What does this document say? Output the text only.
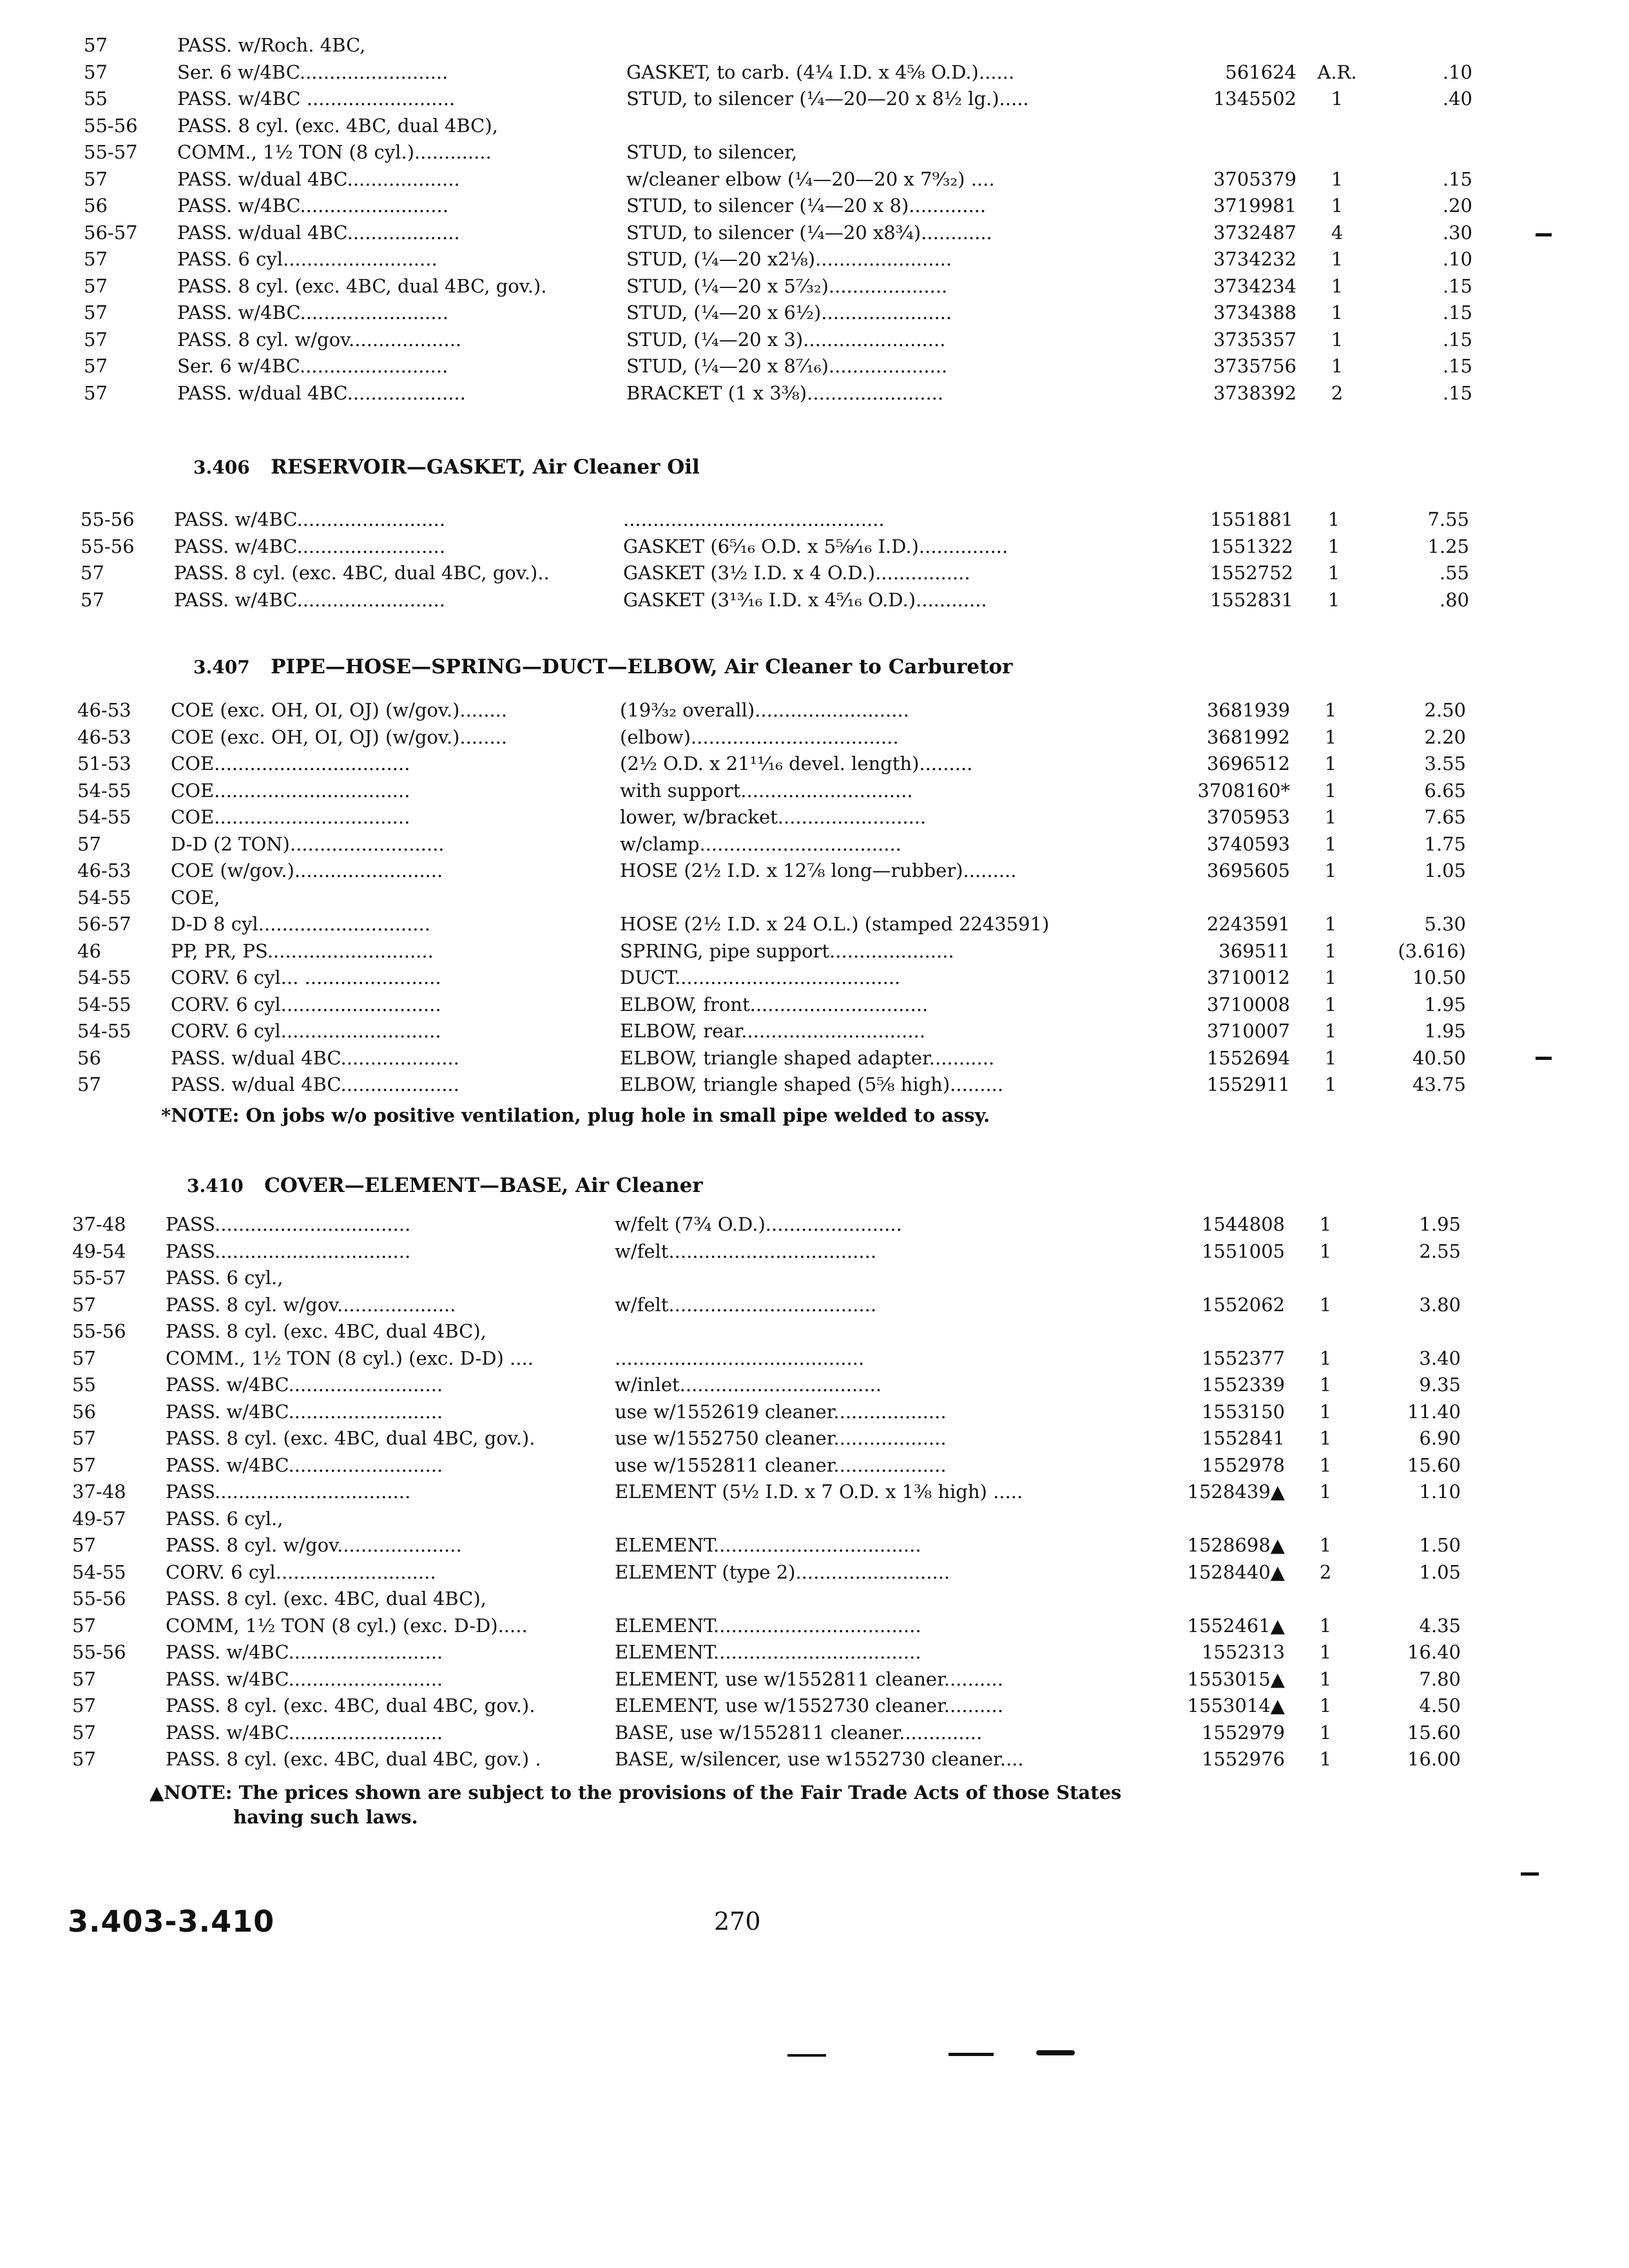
57	PASS. w/Roch. 4BC,
57	Ser. 6 w/4BC.........................	GASKET, to carb. (4¼ I.D. x 4⅝ O.D.)......	561624	A.R.	.10
55	PASS. w/4BC .........................	STUD, to silencer (¼—20—20 x 8½ lg.).....	1345502	1	.40
55-56	PASS. 8 cyl. (exc. 4BC, dual 4BC),
55-57	COMM., 1½ TON (8 cyl.).............	STUD, to silencer,
57	PASS. w/dual 4BC...................	w/cleaner elbow (¼—20—20 x 7⁹⁄₃₂) ....	3705379	1	.15
56	PASS. w/4BC.........................	STUD, to silencer (¼—20 x 8).............	3719981	1	.20
56-57	PASS. w/dual 4BC...................	STUD, to silencer (¼—20 x8¾)............	3732487	4	.30
57	PASS. 6 cyl..........................	STUD, (¼—20 x2⅛).......................	3734232	1	.10
57	PASS. 8 cyl. (exc. 4BC, dual 4BC, gov.).	STUD, (¼—20 x 5⁷⁄₃₂)....................	3734234	1	.15
57	PASS. w/4BC.........................	STUD, (¼—20 x 6½)......................	3734388	1	.15
57	PASS. 8 cyl. w/gov...................	STUD, (¼—20 x 3)........................	3735357	1	.15
57	Ser. 6 w/4BC.........................	STUD, (¼—20 x 8⁷⁄₁₆)....................	3735756	1	.15
57	PASS. w/dual 4BC....................	BRACKET (1 x 3⅜).......................	3738392	2	.15
55-56	PASS. w/4BC.........................	............................................	1551881	1	7.55
55-56	PASS. w/4BC.........................	GASKET (6⁵⁄₁₆ O.D. x 5⅝⁄₁₆ I.D.)...............	1551322	1	1.25
57	PASS. 8 cyl. (exc. 4BC, dual 4BC, gov.)..	GASKET (3½ I.D. x 4 O.D.)................	1552752	1	.55
57	PASS. w/4BC.........................	GASKET (3¹³⁄₁₆ I.D. x 4⁵⁄₁₆ O.D.)............	1552831	1	.80
46-53	COE (exc. OH, OI, OJ) (w/gov.)........	(19³⁄₃₂ overall)..........................	3681939	1	2.50
46-53	COE (exc. OH, OI, OJ) (w/gov.)........	(elbow)...................................	3681992	1	2.20
51-53	COE.................................	(2½ O.D. x 21¹¹⁄₁₆ devel. length).........	3696512	1	3.55
54-55	COE.................................	with support.............................	3708160*	1	6.65
54-55	COE.................................	lower, w/bracket.........................	3705953	1	7.65
57	D-D (2 TON)..........................	w/clamp..................................	3740593	1	1.75
46-53	COE (w/gov.).........................	HOSE (2½ I.D. x 12⅞ long—rubber).........	3695605	1	1.05
54-55	COE,
56-57	D-D 8 cyl.............................	HOSE (2½ I.D. x 24 O.L.) (stamped 2243591)	2243591	1	5.30
46	PP, PR, PS............................	SPRING, pipe support.....................	369511	1	(3.616)
54-55	CORV. 6 cyl... .......................	DUCT......................................	3710012	1	10.50
54-55	CORV. 6 cyl...........................	ELBOW, front..............................	3710008	1	1.95
54-55	CORV. 6 cyl...........................	ELBOW, rear...............................	3710007	1	1.95
56	PASS. w/dual 4BC....................	ELBOW, triangle shaped adapter...........	1552694	1	40.50
57	PASS. w/dual 4BC....................	ELBOW, triangle shaped (5⅝ high).........	1552911	1	43.75
37-48	PASS.................................	w/felt (7¾ O.D.).......................	1544808	1	1.95
49-54	PASS.................................	w/felt...................................	1551005	1	2.55
55-57	PASS. 6 cyl.,
57	PASS. 8 cyl. w/gov....................	w/felt...................................	1552062	1	3.80
55-56	PASS. 8 cyl. (exc. 4BC, dual 4BC),
57	COMM., 1½ TON (8 cyl.) (exc. D-D) ....	..........................................	1552377	1	3.40
55	PASS. w/4BC..........................	w/inlet..................................	1552339	1	9.35
56	PASS. w/4BC..........................	use w/1552619 cleaner...................	1553150	1	11.40
57	PASS. 8 cyl. (exc. 4BC, dual 4BC, gov.).	use w/1552750 cleaner...................	1552841	1	6.90
57	PASS. w/4BC..........................	use w/1552811 cleaner...................	1552978	1	15.60
37-48	PASS.................................	ELEMENT (5½ I.D. x 7 O.D. x 1⅜ high) .....	1528439▲	1	1.10
49-57	PASS. 6 cyl.,
57	PASS. 8 cyl. w/gov.....................	ELEMENT...................................	1528698▲	1	1.50
54-55	CORV. 6 cyl...........................	ELEMENT (type 2)..........................	1528440▲	2	1.05
55-56	PASS. 8 cyl. (exc. 4BC, dual 4BC),
57	COMM, 1½ TON (8 cyl.) (exc. D-D).....	ELEMENT...................................	1552461▲	1	4.35
55-56	PASS. w/4BC..........................	ELEMENT...................................	1552313	1	16.40
57	PASS. w/4BC..........................	ELEMENT, use w/1552811 cleaner..........	1553015▲	1	7.80
57	PASS. 8 cyl. (exc. 4BC, dual 4BC, gov.).	ELEMENT, use w/1552730 cleaner..........	1553014▲	1	4.50
57	PASS. w/4BC..........................	BASE, use w/1552811 cleaner..............	1552979	1	15.60
57	PASS. 8 cyl. (exc. 4BC, dual 4BC, gov.) .	BASE, w/silencer, use w1552730 cleaner....	1552976	1	16.00
3.406 RESERVOIR—GASKET, Air Cleaner Oil
3.407 PIPE—HOSE—SPRING—DUCT—ELBOW, Air Cleaner to Carburetor
*NOTE: On jobs w/o positive ventilation, plug hole in small pipe welded to assy.
3.410 COVER—ELEMENT—BASE, Air Cleaner
▲NOTE: The prices shown are subject to the provisions of the Fair Trade Acts of those States
having such laws.
3.403-3.410	270
